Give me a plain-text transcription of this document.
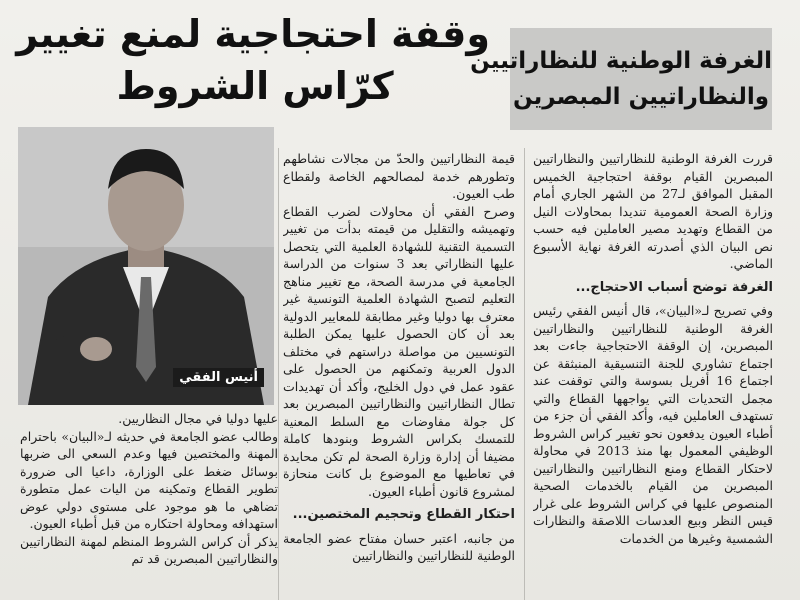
وقفة احتجاجية لمنع تغيير
كرّاس الشروط
الغرفة الوطنية للنظاراتيين
والنظاراتيين المبصرين
أنيس الفقي

قررت الغرفة الوطنية للنظاراتيين والنظاراتيين المبصرين القيام بوقفة احتجاجية الخميس المقبل الموافق لـ27 من الشهر الجاري أمام وزارة الصحة العمومية تنديدا بمحاولات النيل من القطاع وتهديد مصير العاملين فيه حسب نص البيان الذي أصدرته الغرفة نهاية الأسبوع الماضي.

الغرفة توضح أسباب الاحتجاج...

وفي تصريح لـ«البيان»، قال أنيس الفقي رئيس الغرفة الوطنية للنظاراتيين والنظاراتيين المبصرين، إن الوقفة الاحتجاجية جاءت بعد اجتماع تشاوري للجنة التنسيقية المنبثقة عن اجتماع 16 أفريل بسوسة والتي توقفت عند مجمل التحديات التي يواجهها القطاع والتي تستهدف العاملين فيه، وأكد الفقي أن جزء من أطباء العيون يدفعون نحو تغيير كراس الشروط الوظيفي المعمول بها منذ 2013 في محاولة لاحتكار القطاع ومنع النظاراتيين والنظاراتيين المبصرين من القيام بالخدمات الصحية المنصوص عليها في كراس الشروط على غرار قيس النظر وبيع العدسات اللاصقة والنظارات الشمسية وغيرها من الخدمات

قيمة النظاراتيين والحدّ من مجالات نشاطهم وتطورهم خدمة لمصالحهم الخاصة ولقطاع طب العيون.

وصرح الفقي أن محاولات لضرب القطاع وتهميشه والتقليل من قيمته بدأت من تغيير التسمية التقنية للشهادة العلمية التي يتحصل عليها النظاراتي بعد 3 سنوات من الدراسة الجامعية في مدرسة الصحة، مع تغيير مناهج التعليم لتصبح الشهادة العلمية التونسية غير معترف بها دوليا وغير مطابقة للمعايير الدولية بعد أن كان الحصول عليها يمكن الطلبة التونسيين من مواصلة دراستهم في مختلف الدول العربية وتمكنهم من الحصول على عقود عمل في دول الخليج، وأكد أن تهديدات تطال النظاراتيين والنظاراتيين المبصرين بعد كل جولة مفاوضات مع السلط المعنية للتمسك بكراس الشروط وبنودها كاملة مضيفا أن إدارة وزارة الصحة لم تكن محايدة في تعاطيها مع الموضوع بل كانت منحازة لمشروع قانون أطباء العيون.

احتكار القطاع وتحجيم المختصين...

من جانبه، اعتبر حسان مفتاح عضو الجامعة الوطنية للنظاراتيين والنظاراتيين

عليها دوليا في مجال النظاريين.

وطالب عضو الجامعة في حديثه لـ«البيان» باحترام المهنة والمختصين فيها وعدم السعي الى ضربها بوسائل ضغط على الوزارة، داعيا الى ضرورة تطوير القطاع وتمكينه من اليات عمل متطورة تضاهي ما هو موجود على مستوى دولي عوض استهدافه ومحاولة احتكاره من قبل أطباء العيون.

يذكر أن كراس الشروط المنظم لمهنة النظاراتيين والنظاراتيين المبصرين قد تم
